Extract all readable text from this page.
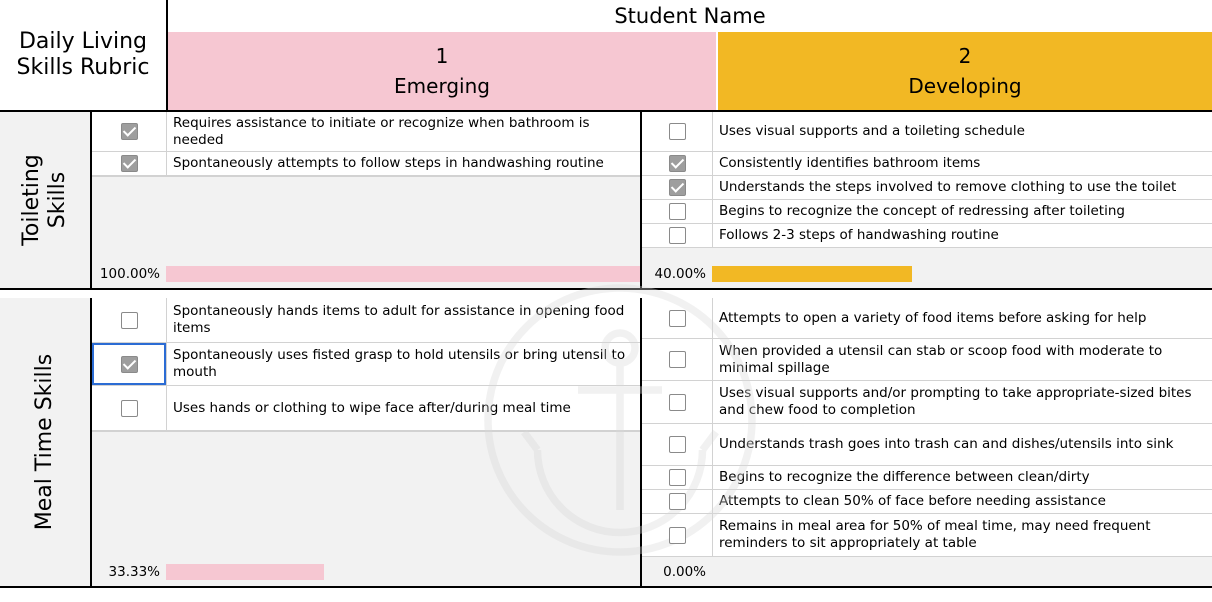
Daily Living Skills Rubric
Student Name
1
Emerging
2
Developing
Toileting
Skills
Requires assistance to initiate or recognize when bathroom is needed
Spontaneously attempts to follow steps in handwashing routine
100.00%
Uses visual supports and a toileting schedule
Consistently identifies bathroom items
Understands the steps involved to remove clothing to use the toilet
Begins to recognize the concept of redressing after toileting
Follows 2-3 steps of handwashing routine
40.00%
Meal Time Skills
Spontaneously hands items to adult for assistance in opening food items
Spontaneously uses fisted grasp to hold utensils or bring utensil to mouth
Uses hands or clothing to wipe face after/during meal time
33.33%
Attempts to open a variety of food items before asking for help
When provided a utensil can stab or scoop food with moderate to minimal spillage
Uses visual supports and/or prompting to take appropriate-sized bites and chew food to completion
Understands trash goes into trash can and dishes/utensils into sink
Begins to recognize the difference between clean/dirty
Attempts to clean 50% of face before needing assistance
Remains in meal area for 50% of meal time, may need frequent reminders to sit appropriately at table
0.00%
